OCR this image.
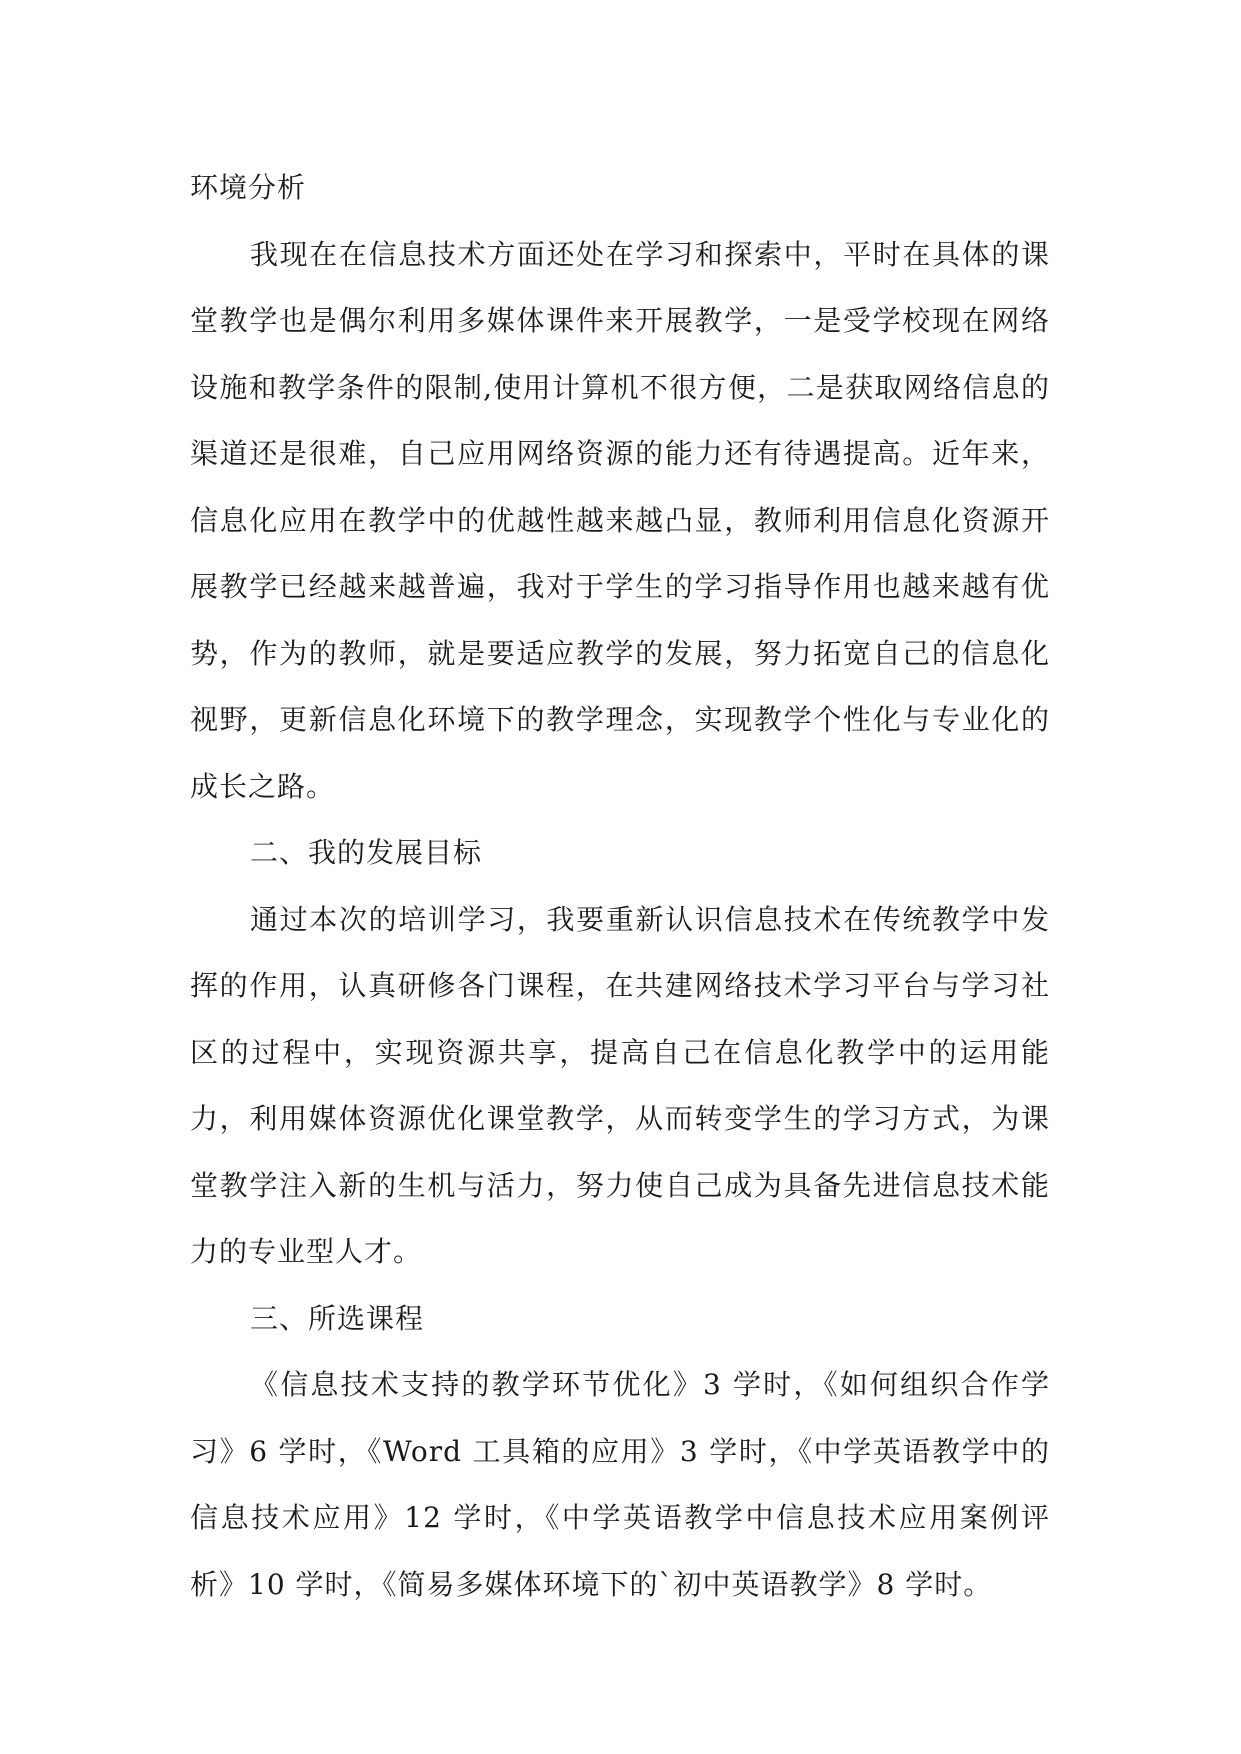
环境分析

我现在在信息技术方面还处在学习和探索中，平时在具体的课堂教学也是偶尔利用多媒体课件来开展教学，一是受学校现在网络设施和教学条件的限制,使用计算机不很方便，二是获取网络信息的渠道还是很难，自己应用网络资源的能力还有待遇提高。近年来，信息化应用在教学中的优越性越来越凸显，教师利用信息化资源开展教学已经越来越普遍，我对于学生的学习指导作用也越来越有优势，作为的教师，就是要适应教学的发展，努力拓宽自己的信息化视野，更新信息化环境下的教学理念，实现教学个性化与专业化的成长之路。

二、我的发展目标

通过本次的培训学习，我要重新认识信息技术在传统教学中发挥的作用，认真研修各门课程，在共建网络技术学习平台与学习社区的过程中，实现资源共享，提高自己在信息化教学中的运用能力，利用媒体资源优化课堂教学，从而转变学生的学习方式，为课堂教学注入新的生机与活力，努力使自己成为具备先进信息技术能力的专业型人才。

三、所选课程

《信息技术支持的教学环节优化》3 学时，《如何组织合作学习》6 学时，《Word 工具箱的应用》3 学时，《中学英语教学中的信息技术应用》12 学时，《中学英语教学中信息技术应用案例评析》10 学时，《简易多媒体环境下的`初中英语教学》8 学时。
